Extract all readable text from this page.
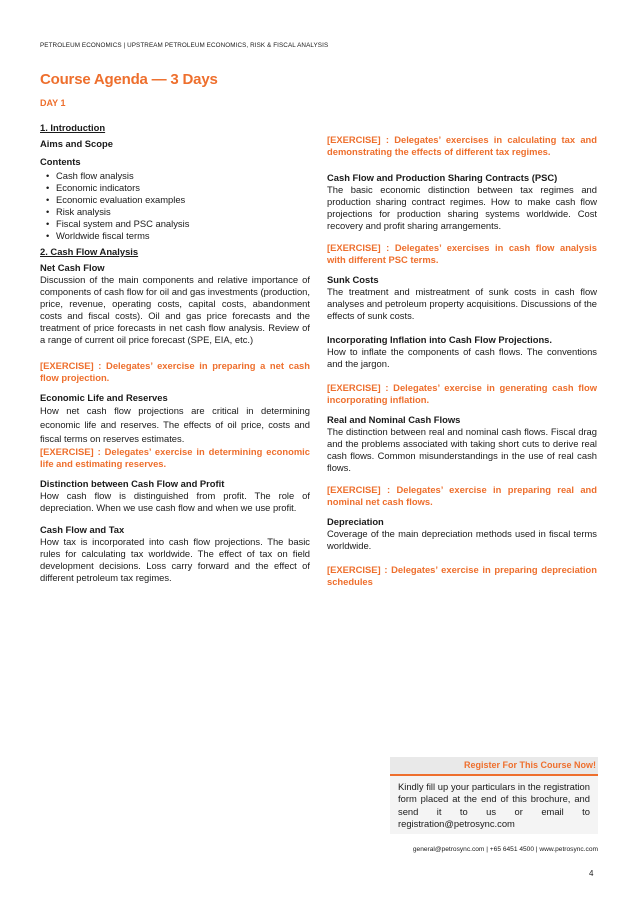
PETROLEUM ECONOMICS | UPSTREAM PETROLEUM ECONOMICS, RISK & FISCAL ANALYSIS
Course Agenda — 3 Days
DAY 1
1. Introduction
Aims and Scope
Contents
• Cash flow analysis
• Economic indicators
• Economic evaluation examples
• Risk analysis
• Fiscal system and PSC analysis
• Worldwide fiscal terms
2. Cash Flow Analysis
Net Cash Flow

Discussion of the main components and relative importance of components of cash flow for oil and gas investments (production, price, revenue, operating costs, capital costs, abandonment costs and fiscal costs). Oil and gas price forecasts and the treatment of price forecasts in net cash flow analysis. Review of a range of current oil price forecast (SPE, EIA, etc.)

[EXERCISE] : Delegates’ exercise in preparing a net cash flow projection.

Economic Life and Reserves

How net cash flow projections are critical in determining economic life and reserves. The effects of oil price, costs and fiscal terms on reserves estimates.

[EXERCISE] : Delegates’ exercise in determining economic life and estimating reserves.

Distinction between Cash Flow and Profit

How cash flow is distinguished from profit. The role of depreciation. When we use cash flow and when we use profit.

Cash Flow and Tax

How tax is incorporated into cash flow projections. The basic rules for calculating tax worldwide. The effect of tax on field development decisions. Loss carry forward and the effect of different petroleum tax regimes.

[EXERCISE] : Delegates’ exercises in calculating tax and demonstrating the effects of different tax regimes.

Cash Flow and Production Sharing Contracts (PSC)

The basic economic distinction between tax regimes and production sharing contract regimes. How to make cash flow projections for production sharing systems worldwide. Cost recovery and profit sharing arrangements.

[EXERCISE] : Delegates’ exercises in cash flow analysis with different PSC terms.

Sunk Costs

The treatment and mistreatment of sunk costs in cash flow analyses and petroleum property acquisitions. Discussions of the effects of sunk costs.

Incorporating Inflation into Cash Flow Projections.

How to inflate the components of cash flows. The conventions and the jargon.

[EXERCISE] : Delegates’ exercise in generating cash flow incorporating inflation.

Real and Nominal Cash Flows

The distinction between real and nominal cash flows. Fiscal drag and the problems associated with taking short cuts to derive real cash flows. Common misunderstandings in the use of real cash flows.

[EXERCISE] : Delegates’ exercise in preparing real and nominal net cash flows.

Depreciation

Coverage of the main depreciation methods used in fiscal terms worldwide.

[EXERCISE] : Delegates’ exercise in preparing depreciation schedules

Register For This Course Now!
Kindly fill up your particulars in the registration form placed at the end of this brochure, and send it to us or email to registration@petrosync.com
general@petrosync.com | +65 6451 4500 | www.petrosync.com
4
